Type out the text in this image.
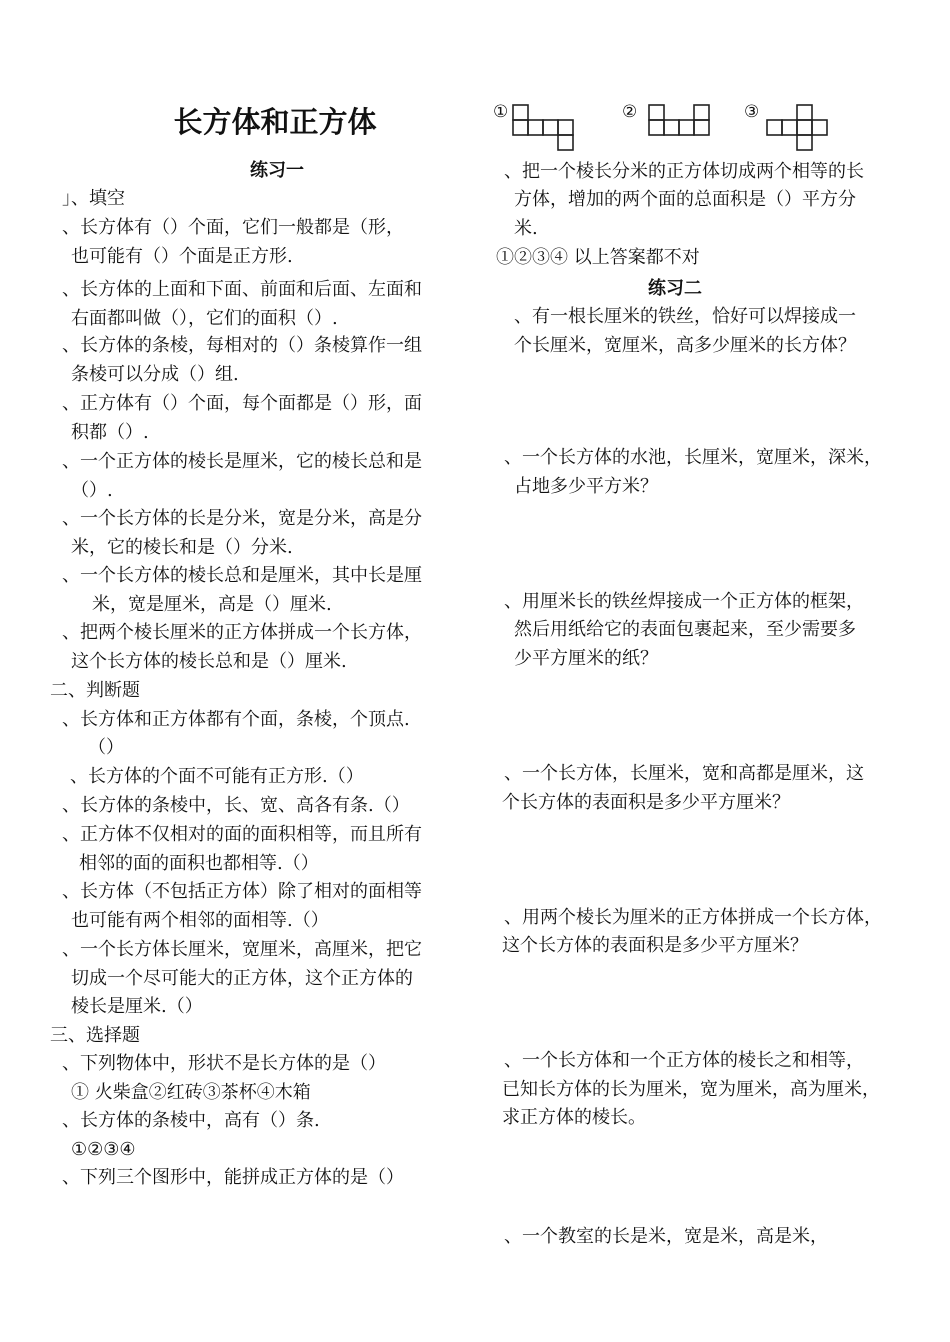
长方体和正方体
练习一
」、填空
、长方体有（）个面，它们一般都是（形，
也可能有（）个面是正方形.
、长方体的上面和下面、前面和后面、左面和
右面都叫做（），它们的面积（）.
、长方体的条棱，每相对的（）条棱算作一组
条棱可以分成（）组.
、正方体有（）个面，每个面都是（）形，面
积都（）.
、一个正方体的棱长是厘米，它的棱长总和是
（）.
、一个长方体的长是分米，宽是分米，高是分
米，它的棱长和是（）分米.
、一个长方体的棱长总和是厘米，其中长是厘
米，宽是厘米，高是（）厘米.
、把两个棱长厘米的正方体拼成一个长方体，
这个长方体的棱长总和是（）厘米.
二、判断题
、长方体和正方体都有个面，条棱，个顶点.
（）
、长方体的个面不可能有正方形.（）
、长方体的条棱中，长、宽、高各有条.（）
、正方体不仅相对的面的面积相等，而且所有
相邻的面的面积也都相等.（）
、长方体（不包括正方体）除了相对的面相等
也可能有两个相邻的面相等.（）
、一个长方体长厘米，宽厘米，高厘米，把它
切成一个尽可能大的正方体，这个正方体的
棱长是厘米.（）
三、选择题
、下列物体中，形状不是长方体的是（）
① 火柴盒②红砖③茶杯④木箱
、长方体的条棱中，高有（）条.
①②③④
、下列三个图形中，能拼成正方体的是（）
①	②	③
、把一个棱长分米的正方体切成两个相等的长
方体，增加的两个面的总面积是（）平方分
米.
①②③④ 以上答案都不对
练习二
、有一根长厘米的铁丝，恰好可以焊接成一
个长厘米，宽厘米，高多少厘米的长方体？
、一个长方体的水池，长厘米，宽厘米，深米，
占地多少平方米？
、用厘米长的铁丝焊接成一个正方体的框架，
然后用纸给它的表面包裹起来，至少需要多
少平方厘米的纸？
、一个长方体，长厘米，宽和高都是厘米，这
个长方体的表面积是多少平方厘米？
、用两个棱长为厘米的正方体拼成一个长方体，
这个长方体的表面积是多少平方厘米？
、一个长方体和一个正方体的棱长之和相等，
已知长方体的长为厘米，宽为厘米，高为厘米，
求正方体的棱长。
、一个教室的长是米，宽是米，高是米，
